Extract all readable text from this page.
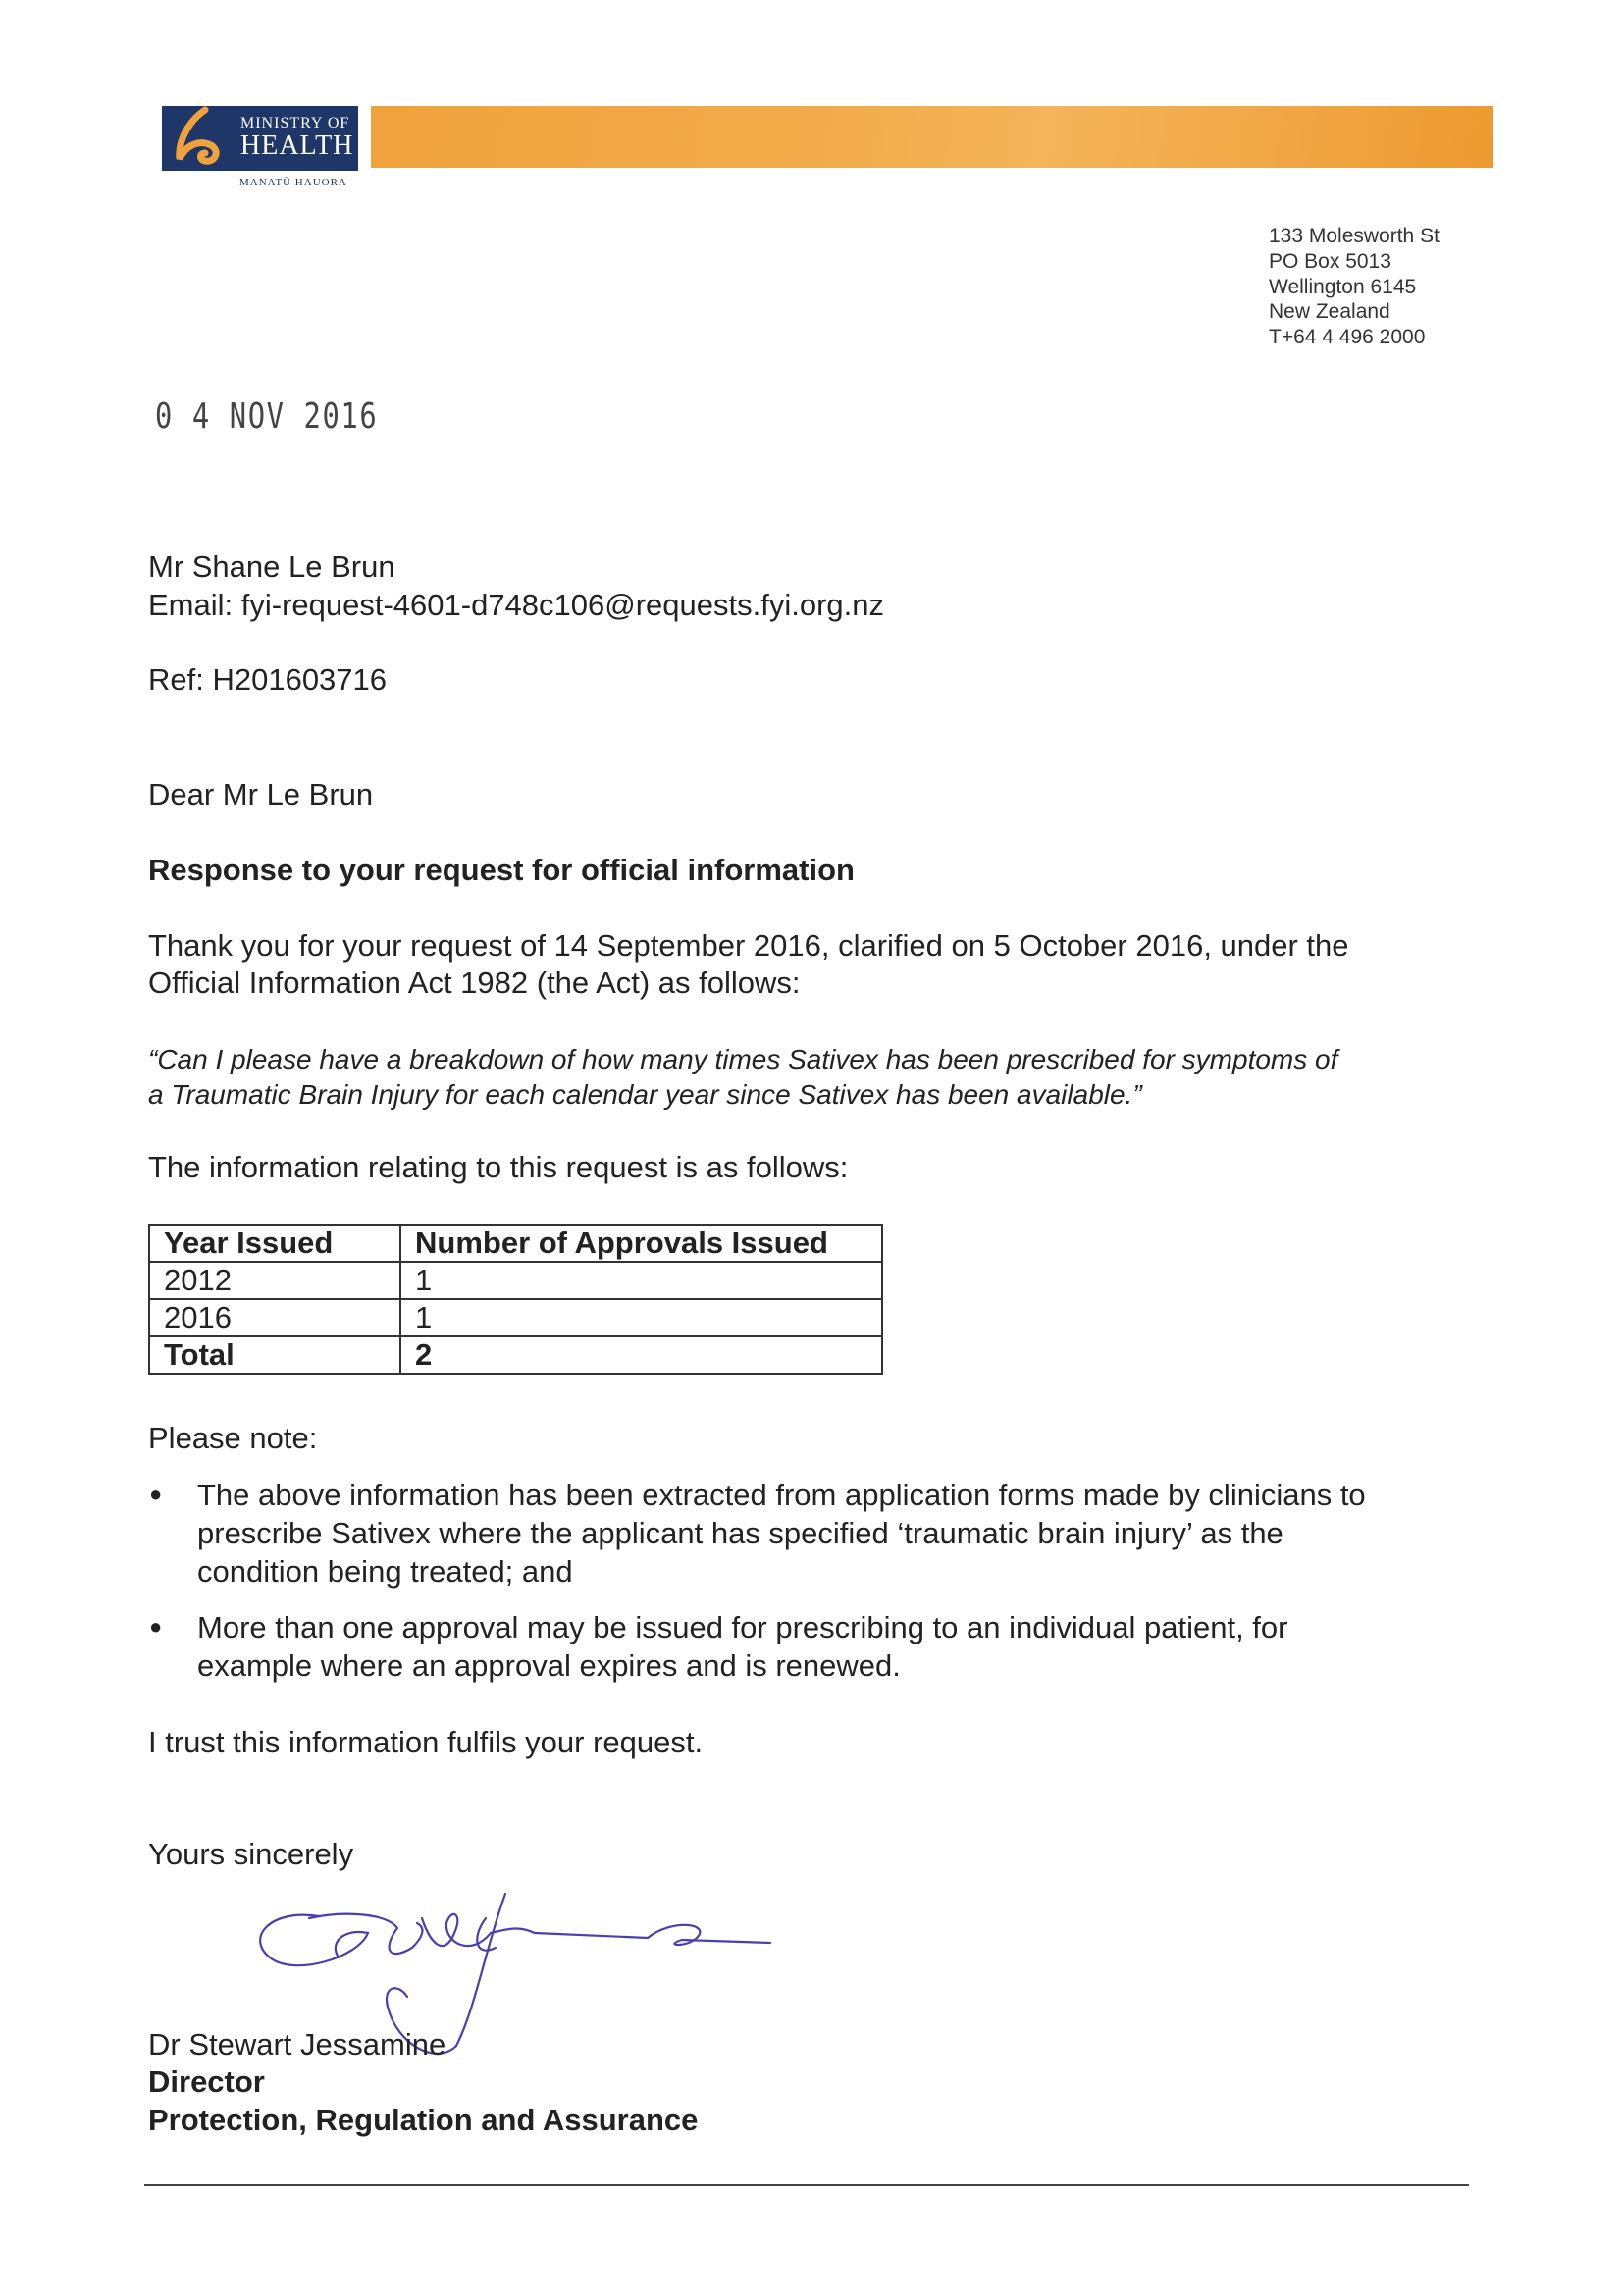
MINISTRY OF
HEALTH
MANATŪ HAUORA
133 Molesworth St
PO Box 5013
Wellington 6145
New Zealand
T+64 4 496 2000
0 4 NOV 2016
Mr Shane Le Brun
Email: fyi-request-4601-d748c106@requests.fyi.org.nz
Ref: H201603716
Dear Mr Le Brun
Response to your request for official information
Thank you for your request of 14 September 2016, clarified on 5 October 2016, under the
Official Information Act 1982 (the Act) as follows:
“Can I please have a breakdown of how many times Sativex has been prescribed for symptoms of
a Traumatic Brain Injury for each calendar year since Sativex has been available.”
The information relating to this request is as follows:
Year Issued	Number of Approvals Issued
2012	1
2016	1
Total	2
Please note:
● The above information has been extracted from application forms made by clinicians to
prescribe Sativex where the applicant has specified ‘traumatic brain injury’ as the
condition being treated; and
● More than one approval may be issued for prescribing to an individual patient, for
example where an approval expires and is renewed.
I trust this information fulfils your request.
Yours sincerely
Dr Stewart Jessamine
Director
Protection, Regulation and Assurance
